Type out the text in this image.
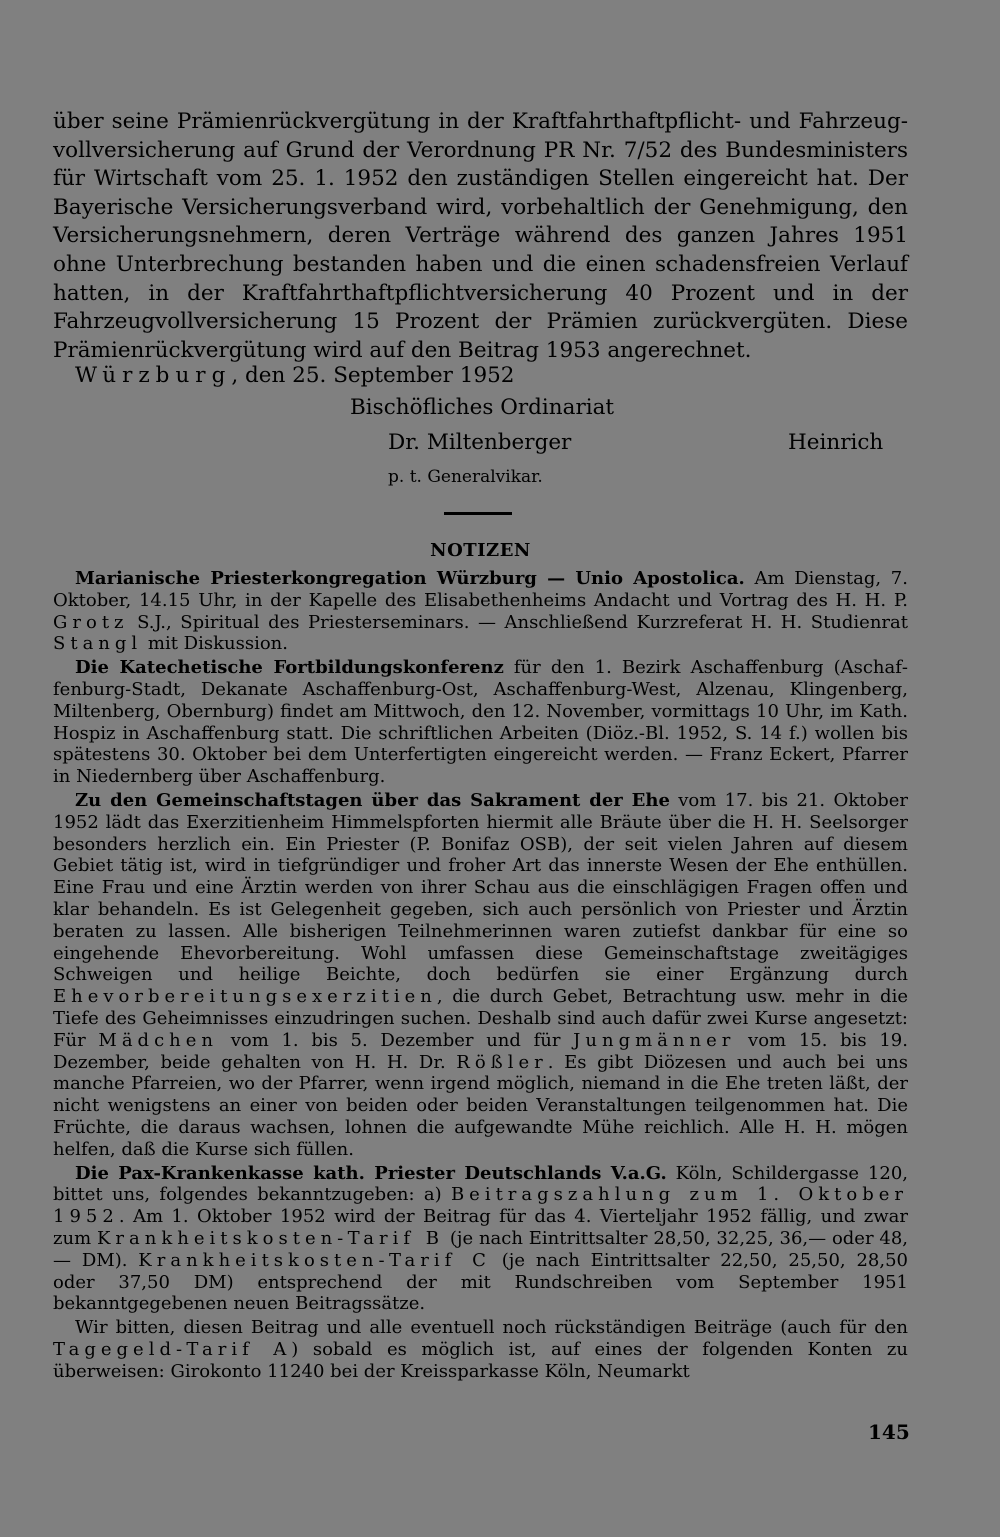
über seine Prämienrückvergütung in der Kraftfahrthaftpflicht- und Fahrzeugvollversicherung auf Grund der Verordnung PR Nr. 7/52 des Bundesministers für Wirtschaft vom 25. 1. 1952 den zuständigen Stellen eingereicht hat. Der Bayerische Versicherungsverband wird, vorbehaltlich der Genehmigung, den Versicherungsnehmern, deren Verträge während des ganzen Jahres 1951 ohne Unterbrechung bestanden haben und die einen schadensfreien Verlauf hatten, in der Kraftfahrthaftpflichtversicherung 40 Prozent und in der Fahrzeugvollversicherung 15 Prozent der Prämien zurückvergüten. Diese Prämienrückvergütung wird auf den Beitrag 1953 angerechnet.
Würzburg, den 25. September 1952
Bischöfliches Ordinariat
Dr. Miltenberger	Heinrich
p. t. Generalvikar.
NOTIZEN

Marianische Priesterkongregation Würzburg — Unio Apostolica. Am Dienstag, 7. Oktober, 14.15 Uhr, in der Kapelle des Elisabethenheims Andacht und Vortrag des H. H. P. Grotz S.J., Spiritual des Priesterseminars. — Anschließend Kurzreferat H. H. Studienrat Stangl mit Diskussion.

Die Katechetische Fortbildungskonferenz für den 1. Bezirk Aschaffenburg (Aschaffenburg-Stadt, Dekanate Aschaffenburg-Ost, Aschaffenburg-West, Alzenau, Klingenberg, Miltenberg, Obernburg) findet am Mittwoch, den 12. November, vormittags 10 Uhr, im Kath. Hospiz in Aschaffenburg statt. Die schriftlichen Arbeiten (Diöz.-Bl. 1952, S. 14 f.) wollen bis spätestens 30. Oktober bei dem Unterfertigten eingereicht werden. — Franz Eckert, Pfarrer in Niedernberg über Aschaffenburg.

Zu den Gemeinschaftstagen über das Sakrament der Ehe vom 17. bis 21. Oktober 1952 lädt das Exerzitienheim Himmelspforten hiermit alle Bräute über die H. H. Seelsorger besonders herzlich ein. Ein Priester (P. Bonifaz OSB), der seit vielen Jahren auf diesem Gebiet tätig ist, wird in tiefgründiger und froher Art das innerste Wesen der Ehe enthüllen. Eine Frau und eine Ärztin werden von ihrer Schau aus die einschlägigen Fragen offen und klar behandeln. Es ist Gelegenheit gegeben, sich auch persönlich von Priester und Ärztin beraten zu lassen. Alle bisherigen Teilnehmerinnen waren zutiefst dankbar für eine so eingehende Ehevorbereitung. Wohl umfassen diese Gemeinschaftstage zweitägiges Schweigen und heilige Beichte, doch bedürfen sie einer Ergänzung durch Ehevorbereitungsexerzitien, die durch Gebet, Betrachtung usw. mehr in die Tiefe des Geheimnisses einzudringen suchen. Deshalb sind auch dafür zwei Kurse angesetzt: Für Mädchen vom 1. bis 5. Dezember und für Jungmänner vom 15. bis 19. Dezember, beide gehalten von H. H. Dr. Rößler. Es gibt Diözesen und auch bei uns manche Pfarreien, wo der Pfarrer, wenn irgend möglich, niemand in die Ehe treten läßt, der nicht wenigstens an einer von beiden oder beiden Veranstaltungen teilgenommen hat. Die Früchte, die daraus wachsen, lohnen die aufgewandte Mühe reichlich. Alle H. H. mögen helfen, daß die Kurse sich füllen.

Die Pax-Krankenkasse kath. Priester Deutschlands V.a.G. Köln, Schildergasse 120, bittet uns, folgendes bekanntzugeben: a) Beitragszahlung zum 1. Oktober 1952. Am 1. Oktober 1952 wird der Beitrag für das 4. Vierteljahr 1952 fällig, und zwar zum Krankheitskosten-Tarif B (je nach Eintrittsalter 28,50, 32,25, 36,— oder 48,— DM). Krankheitskosten-Tarif C (je nach Eintrittsalter 22,50, 25,50, 28,50 oder 37,50 DM) entsprechend der mit Rundschreiben vom September 1951 bekanntgegebenen neuen Beitragssätze.

Wir bitten, diesen Beitrag und alle eventuell noch rückständigen Beiträge (auch für den Tagegeld-Tarif A) sobald es möglich ist, auf eines der folgenden Konten zu überweisen: Girokonto 11240 bei der Kreissparkasse Köln, Neumarkt

145
